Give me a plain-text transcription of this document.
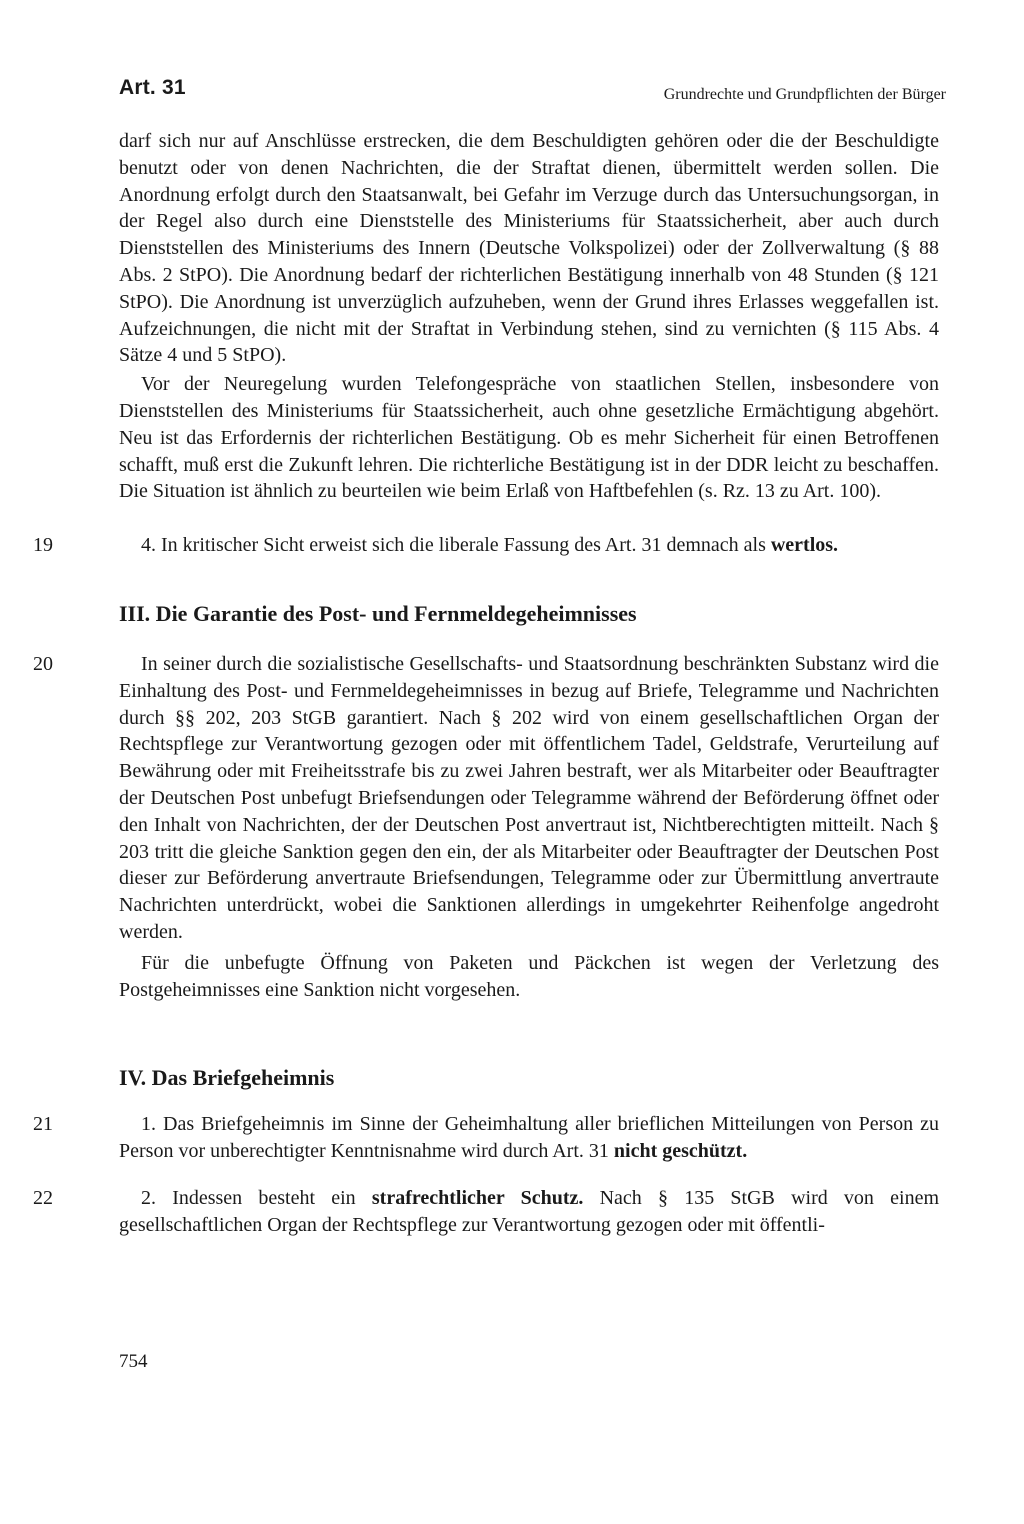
Art. 31	Grundrechte und Grundpflichten der Bürger

darf sich nur auf Anschlüsse erstrecken, die dem Beschuldigten gehören oder die der Beschuldigte benutzt oder von denen Nachrichten, die der Straftat dienen, übermittelt werden sollen. Die Anordnung erfolgt durch den Staatsanwalt, bei Gefahr im Verzuge durch das Untersuchungsorgan, in der Regel also durch eine Dienststelle des Ministeriums für Staatssicherheit, aber auch durch Dienststellen des Ministeriums des Innern (Deutsche Volkspolizei) oder der Zollverwaltung (§ 88 Abs. 2 StPO). Die Anordnung bedarf der richterlichen Bestätigung innerhalb von 48 Stunden (§ 121 StPO). Die Anordnung ist unverzüglich aufzuheben, wenn der Grund ihres Erlasses weggefallen ist. Aufzeichnungen, die nicht mit der Straftat in Verbindung stehen, sind zu vernichten (§ 115 Abs. 4 Sätze 4 und 5 StPO).

Vor der Neuregelung wurden Telefongespräche von staatlichen Stellen, insbesondere von Dienststellen des Ministeriums für Staatssicherheit, auch ohne gesetzliche Ermächtigung abgehört. Neu ist das Erfordernis der richterlichen Bestätigung. Ob es mehr Sicherheit für einen Betroffenen schafft, muß erst die Zukunft lehren. Die richterliche Bestätigung ist in der DDR leicht zu beschaffen. Die Situation ist ähnlich zu beurteilen wie beim Erlaß von Haftbefehlen (s. Rz. 13 zu Art. 100).

19	4. In kritischer Sicht erweist sich die liberale Fassung des Art. 31 demnach als wertlos.

III. Die Garantie des Post- und Fernmeldegeheimnisses
20	In seiner durch die sozialistische Gesellschafts- und Staatsordnung beschränkten Substanz wird die Einhaltung des Post- und Fernmeldegeheimnisses in bezug auf Briefe, Telegramme und Nachrichten durch §§ 202, 203 StGB garantiert. Nach § 202 wird von einem gesellschaftlichen Organ der Rechtspflege zur Verantwortung gezogen oder mit öffentlichem Tadel, Geldstrafe, Verurteilung auf Bewährung oder mit Freiheitsstrafe bis zu zwei Jahren bestraft, wer als Mitarbeiter oder Beauftragter der Deutschen Post unbefugt Briefsendungen oder Telegramme während der Beförderung öffnet oder den Inhalt von Nachrichten, der der Deutschen Post anvertraut ist, Nichtberechtigten mitteilt. Nach § 203 tritt die gleiche Sanktion gegen den ein, der als Mitarbeiter oder Beauftragter der Deutschen Post dieser zur Beförderung anvertraute Briefsendungen, Telegramme oder zur Übermittlung anvertraute Nachrichten unterdrückt, wobei die Sanktionen allerdings in umgekehrter Reihenfolge angedroht werden.

Für die unbefugte Öffnung von Paketen und Päckchen ist wegen der Verletzung des Postgeheimnisses eine Sanktion nicht vorgesehen.

IV. Das Briefgeheimnis
21	1. Das Briefgeheimnis im Sinne der Geheimhaltung aller brieflichen Mitteilungen von Person zu Person vor unberechtigter Kenntnisnahme wird durch Art. 31 nicht geschützt.

22	2. Indessen besteht ein strafrechtlicher Schutz. Nach § 135 StGB wird von einem gesellschaftlichen Organ der Rechtspflege zur Verantwortung gezogen oder mit öffentli-

754
